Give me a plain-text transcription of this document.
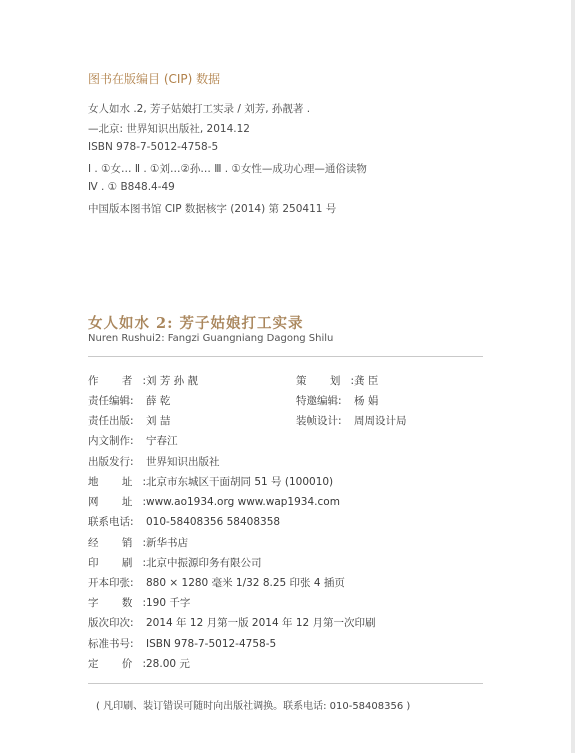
图书在版编目 (CIP) 数据
女人如水 .2, 芳子姑娘打工实录 / 刘芳, 孙靓著 .
—北京: 世界知识出版社, 2014.12
ISBN 978-7-5012-4758-5
Ⅰ . ①女… Ⅱ . ①刘…②孙… Ⅲ . ①女性—成功心理—通俗读物
Ⅳ . ① B848.4-49
中国版本图书馆 CIP 数据核字 (2014) 第 250411 号
女人如水 2: 芳子姑娘打工实录
Nuren Rushui2: Fangzi Guangniang Dagong Shilu
作 者:刘 芳 孙 靓	策 划:龚 臣
责任编辑: 薛 乾	特邀编辑: 杨 娟
责任出版: 刘 喆	装帧设计: 周周设计局
内文制作: 宁春江
出版发行: 世界知识出版社
地 址:北京市东城区干面胡同 51 号 (100010)
网 址:www.ao1934.org www.wap1934.com
联系电话: 010-58408356 58408358
经 销:新华书店
印 刷:北京中振源印务有限公司
开本印张: 880 × 1280 毫米 1/32 8.25 印张 4 插页
字 数:190 千字
版次印次: 2014 年 12 月第一版 2014 年 12 月第一次印刷
标准书号: ISBN 978-7-5012-4758-5
定 价:28.00 元
( 凡印刷、装订错误可随时向出版社调换。联系电话: 010-58408356 )
